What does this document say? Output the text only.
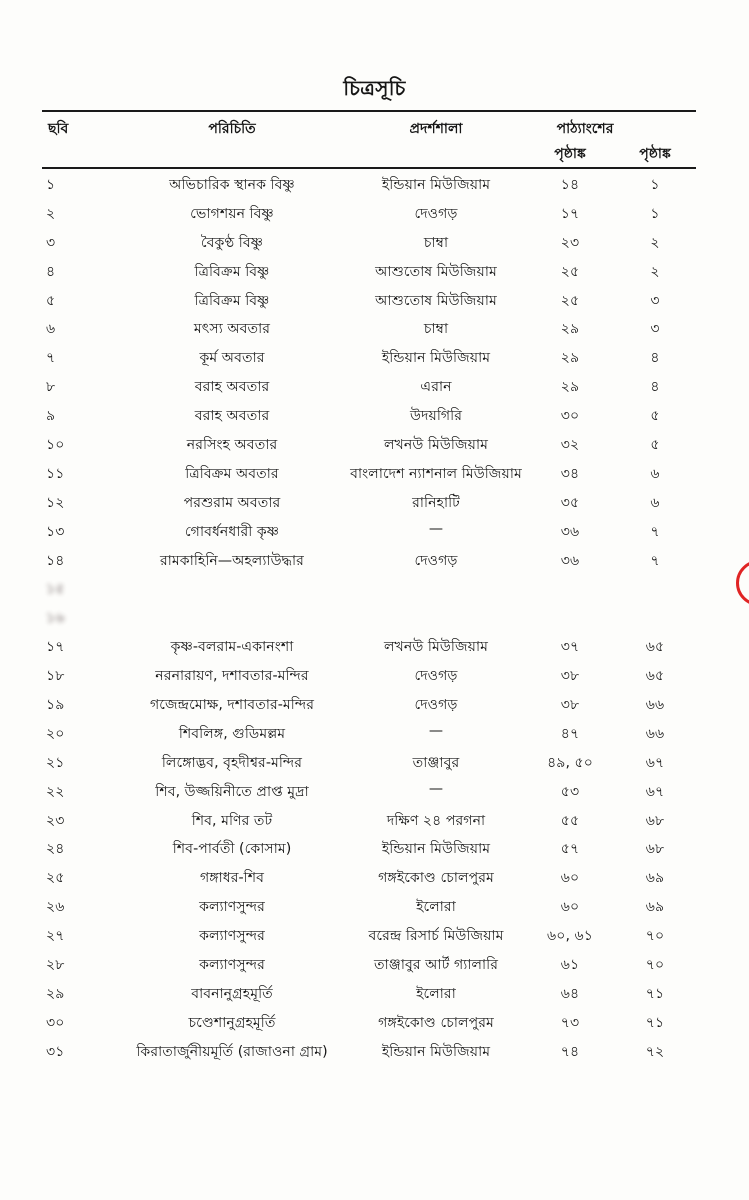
চিত্রসূচি
ছবি	পরিচিতি	প্রদর্শশালা	পাঠ্যাংশের
পৃষ্ঠাঙ্ক	পৃষ্ঠাঙ্ক
১	অভিচারিক স্থানক বিষ্ণু	ইন্ডিয়ান মিউজিয়াম	১৪	১
২	ভোগশয়ন বিষ্ণু	দেওগড়	১৭	১
৩	বৈকুণ্ঠ বিষ্ণু	চাম্বা	২৩	২
৪	ত্রিবিক্রম বিষ্ণু	আশুতোষ মিউজিয়াম	২৫	২
৫	ত্রিবিক্রম বিষ্ণু	আশুতোষ মিউজিয়াম	২৫	৩
৬	মৎস্য অবতার	চাম্বা	২৯	৩
৭	কূর্ম অবতার	ইন্ডিয়ান মিউজিয়াম	২৯	৪
৮	বরাহ অবতার	এরান	২৯	৪
৯	বরাহ অবতার	উদয়গিরি	৩০	৫
১০	নরসিংহ অবতার	লখনউ মিউজিয়াম	৩২	৫
১১	ত্রিবিক্রম অবতার	বাংলাদেশ ন্যাশনাল মিউজিয়াম	৩৪	৬
১২	পরশুরাম অবতার	রানিহাটি	৩৫	৬
১৩	গোবর্ধনধারী কৃষ্ণ	—	৩৬	৭
১৪	রামকাহিনি—অহল্যাউদ্ধার	দেওগড়	৩৬	৭
১৫
১৬
১৭	কৃষ্ণ-বলরাম-একানংশা	লখনউ মিউজিয়াম	৩৭	৬৫
১৮	নরনারায়ণ, দশাবতার-মন্দির	দেওগড়	৩৮	৬৫
১৯	গজেন্দ্রমোক্ষ, দশাবতার-মন্দির	দেওগড়	৩৮	৬৬
২০	শিবলিঙ্গ, গুডিমল্লম	—	৪৭	৬৬
২১	লিঙ্গোদ্ভব, বৃহদীশ্বর-মন্দির	তাঞ্জাবুর	৪৯, ৫০	৬৭
২২	শিব, উজ্জয়িনীতে প্রাপ্ত মুদ্রা	—	৫৩	৬৭
২৩	শিব, মণির তট	দক্ষিণ ২৪ পরগনা	৫৫	৬৮
২৪	শিব-পার্বতী (কোসাম)	ইন্ডিয়ান মিউজিয়াম	৫৭	৬৮
২৫	গঙ্গাধর-শিব	গঙ্গইকোণ্ড চোলপুরম	৬০	৬৯
২৬	কল্যাণসুন্দর	ইলোরা	৬০	৬৯
২৭	কল্যাণসুন্দর	বরেন্দ্র রিসার্চ মিউজিয়াম	৬০, ৬১	৭০
২৮	কল্যাণসুন্দর	তাঞ্জাবুর আর্ট গ্যালারি	৬১	৭০
২৯	বাবনানুগ্রহমূর্তি	ইলোরা	৬৪	৭১
৩০	চণ্ডেশানুগ্রহমূর্তি	গঙ্গইকোণ্ড চোলপুরম	৭৩	৭১
৩১	কিরাতার্জুনীয়মূর্তি (রাজাওনা গ্রাম)	ইন্ডিয়ান মিউজিয়াম	৭৪	৭২
